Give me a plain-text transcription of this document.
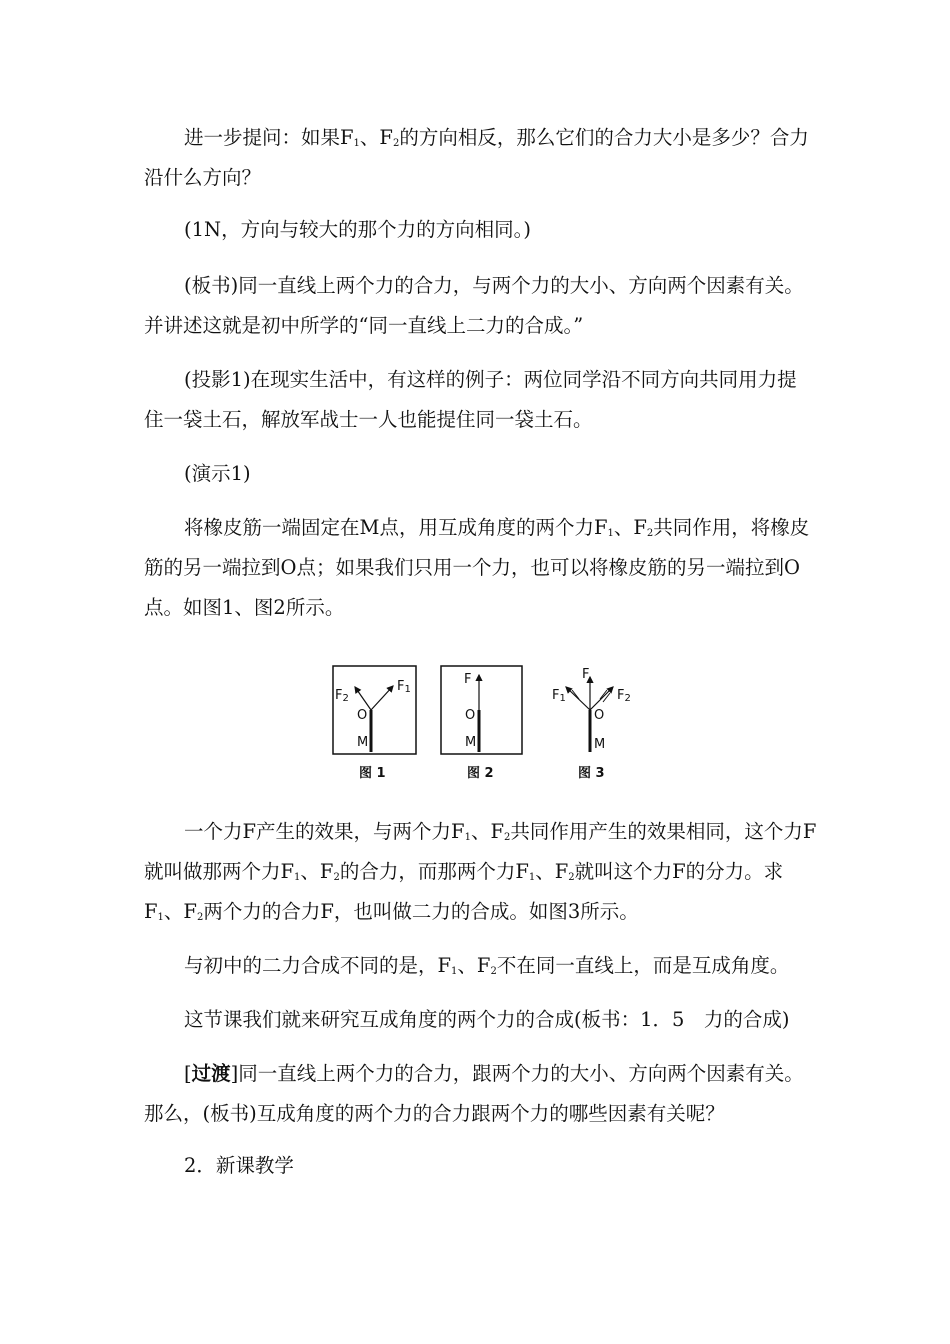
进一步提问：如果$F_1$、$F_2$的方向相反，那么它们的合力大小是多少？合力
沿什么方向？
(1N，方向与较大的那个力的方向相同。)
(板书)同一直线上两个力的合力，与两个力的大小、方向两个因素有关。
并讲述这就是初中所学的“同一直线上二力的合成。”
(投影1)在现实生活中，有这样的例子：两位同学沿不同方向共同用力提
住一袋土石，解放军战士一人也能提住同一袋土石。
(演示1)
将橡皮筋一端固定在M点，用互成角度的两个力$F_1$、$F_2$共同作用，将橡皮
筋的另一端拉到O点；如果我们只用一个力，也可以将橡皮筋的另一端拉到O
点。如图1、图2所示。
$F_2$
$F_1$
O
M
图 1
F
O
M
图 2
F
$F_1$	$F_2$
O
M
图 3
一个力F产生的效果，与两个力$F_1$、$F_2$共同作用产生的效果相同，这个力F
就叫做那两个力$F_1$、$F_2$的合力，而那两个力$F_1$、$F_2$就叫这个力F的分力。求
$F_1$、$F_2$两个力的合力F，也叫做二力的合成。如图3所示。
与初中的二力合成不同的是，$F_1$、$F_2$不在同一直线上，而是互成角度。
这节课我们就来研究互成角度的两个力的合成(板书：1．5　力的合成)
[过渡]同一直线上两个力的合力，跟两个力的大小、方向两个因素有关。
那么，(板书)互成角度的两个力的合力跟两个力的哪些因素有关呢？
2．新课教学
